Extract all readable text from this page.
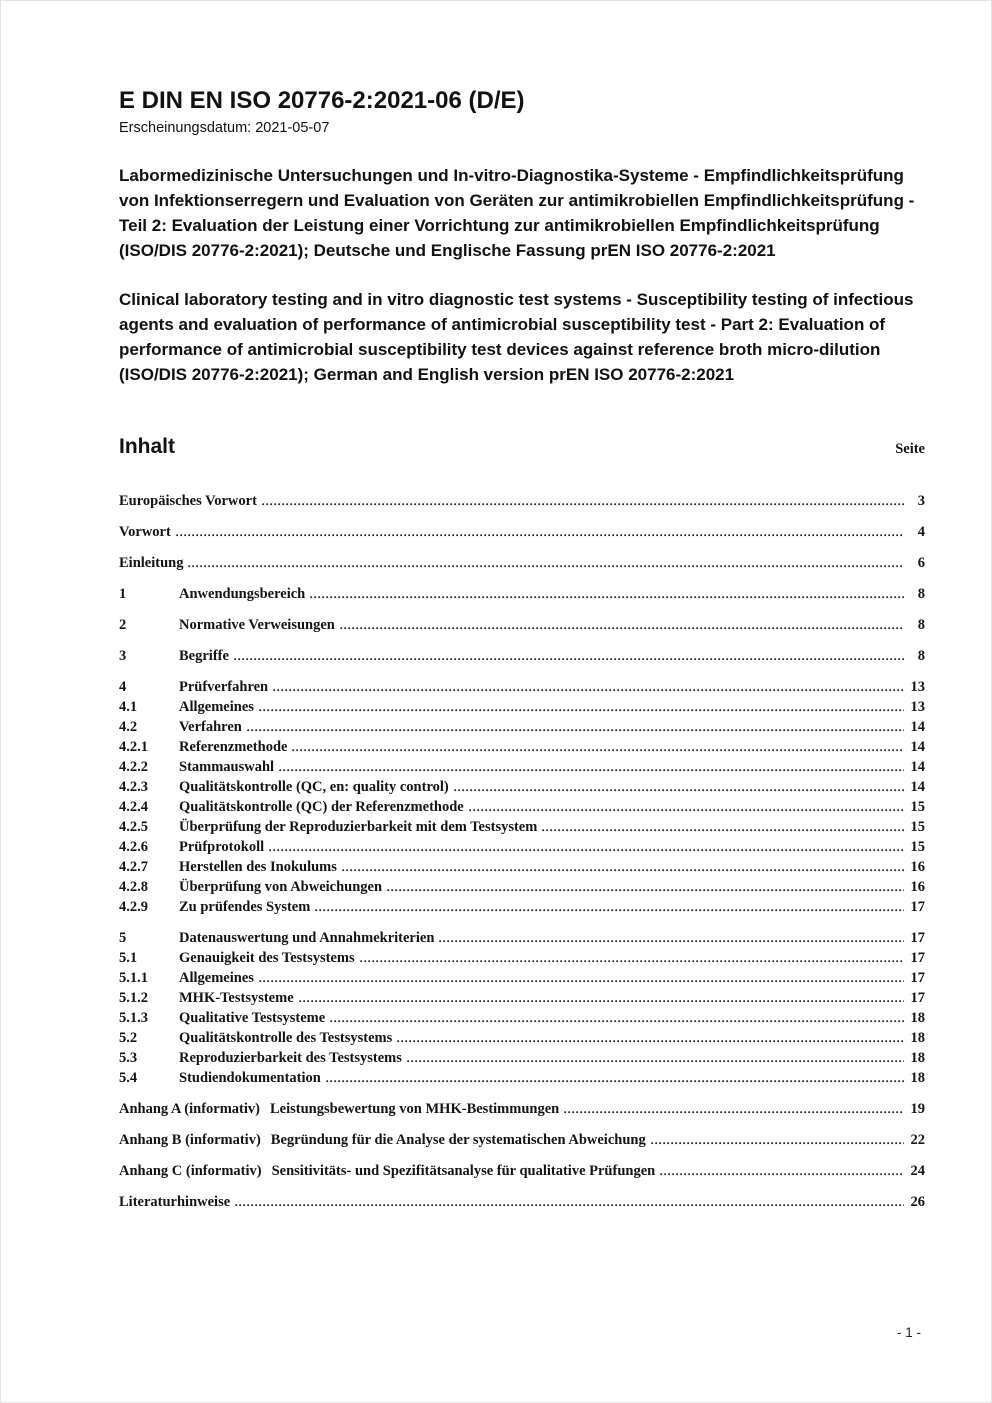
E DIN EN ISO 20776-2:2021-06 (D/E)
Erscheinungsdatum: 2021-05-07

Labormedizinische Untersuchungen und In-vitro-Diagnostika-Systeme - Empfindlichkeitsprüfung von Infektionserregern und Evaluation von Geräten zur antimikrobiellen Empfindlichkeitsprüfung - Teil 2: Evaluation der Leistung einer Vorrichtung zur antimikrobiellen Empfindlichkeitsprüfung (ISO/DIS 20776-2:2021); Deutsche und Englische Fassung prEN ISO 20776-2:2021

Clinical laboratory testing and in vitro diagnostic test systems - Susceptibility testing of infectious agents and evaluation of performance of antimicrobial susceptibility test - Part 2: Evaluation of performance of antimicrobial susceptibility test devices against reference broth micro-dilution (ISO/DIS 20776-2:2021); German and English version prEN ISO 20776-2:2021

Inhalt	Seite
Europäisches Vorwort	3
Vorwort	4
Einleitung	6
1	Anwendungsbereich	8
2	Normative Verweisungen	8
3	Begriffe	8
4	Prüfverfahren	13
4.1	Allgemeines	13
4.2	Verfahren	14
4.2.1	Referenzmethode	14
4.2.2	Stammauswahl	14
4.2.3	Qualitätskontrolle (QC, en: quality control)	14
4.2.4	Qualitätskontrolle (QC) der Referenzmethode	15
4.2.5	Überprüfung der Reproduzierbarkeit mit dem Testsystem	15
4.2.6	Prüfprotokoll	15
4.2.7	Herstellen des Inokulums	16
4.2.8	Überprüfung von Abweichungen	16
4.2.9	Zu prüfendes System	17
5	Datenauswertung und Annahmekriterien	17
5.1	Genauigkeit des Testsystems	17
5.1.1	Allgemeines	17
5.1.2	MHK-Testsysteme	17
5.1.3	Qualitative Testsysteme	18
5.2	Qualitätskontrolle des Testsystems	18
5.3	Reproduzierbarkeit des Testsystems	18
5.4	Studiendokumentation	18
Anhang A (informativ) Leistungsbewertung von MHK-Bestimmungen	19
Anhang B (informativ) Begründung für die Analyse der systematischen Abweichung	22
Anhang C (informativ) Sensitivitäts- und Spezifitätsanalyse für qualitative Prüfungen	24
Literaturhinweise	26
- 1 -
